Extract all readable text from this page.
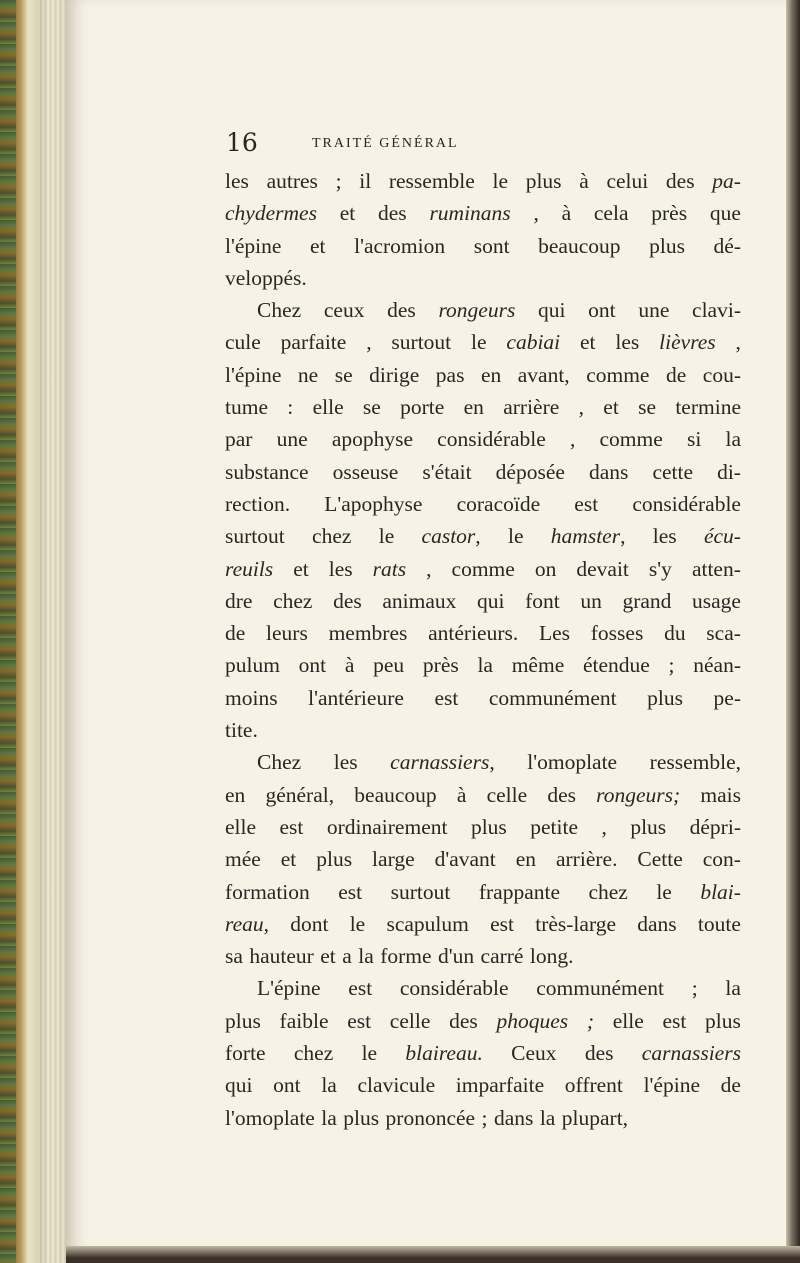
16	TRAITÉ GÉNÉRAL
les autres ; il ressemble le plus à celui des pa-
chydermes et des ruminans , à cela près que
l'épine et l'acromion sont beaucoup plus dé-
veloppés.
Chez ceux des rongeurs qui ont une clavi-
cule parfaite , surtout le cabiai et les lièvres ,
l'épine ne se dirige pas en avant, comme de cou-
tume : elle se porte en arrière , et se termine
par une apophyse considérable , comme si la
substance osseuse s'était déposée dans cette di-
rection. L'apophyse coracoïde est considérable
surtout chez le castor, le hamster, les écu-
reuils et les rats , comme on devait s'y atten-
dre chez des animaux qui font un grand usage
de leurs membres antérieurs. Les fosses du sca-
pulum ont à peu près la même étendue ; néan-
moins l'antérieure est communément plus pe-
tite.
Chez les carnassiers, l'omoplate ressemble,
en général, beaucoup à celle des rongeurs; mais
elle est ordinairement plus petite , plus dépri-
mée et plus large d'avant en arrière. Cette con-
formation est surtout frappante chez le blai-
reau, dont le scapulum est très-large dans toute
sa hauteur et a la forme d'un carré long.
L'épine est considérable communément ; la
plus faible est celle des phoques ; elle est plus
forte chez le blaireau. Ceux des carnassiers
qui ont la clavicule imparfaite offrent l'épine de
l'omoplate la plus prononcée ; dans la plupart,
